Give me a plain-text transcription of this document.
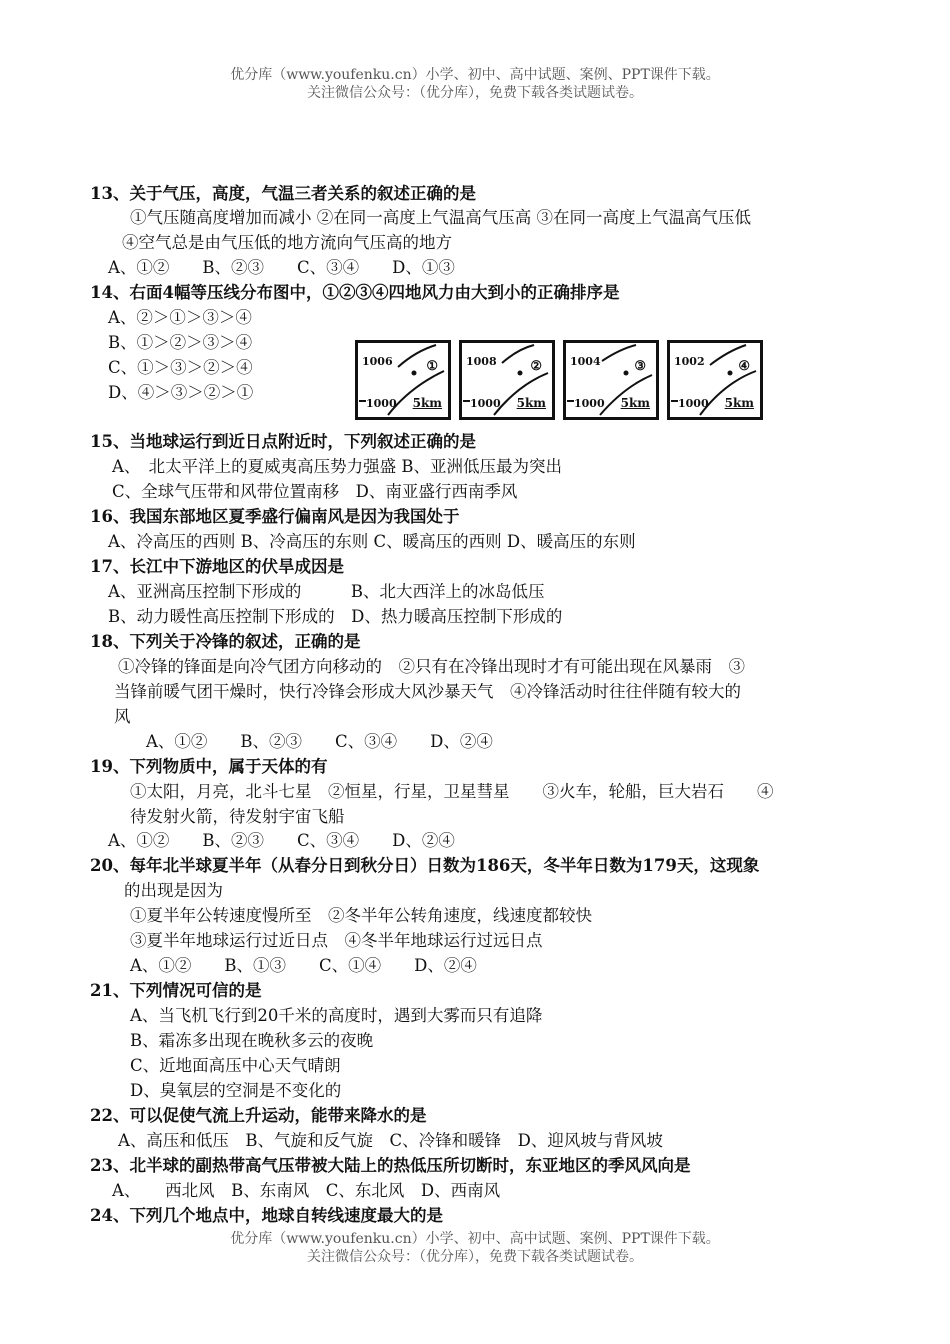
优分库（www.youfenku.cn）小学、初中、高中试题、案例、PPT课件下载。
关注微信公众号：（优分库），免费下载各类试题试卷。
13、关于气压，高度，气温三者关系的叙述正确的是
①气压随高度增加而减小 ②在同一高度上气温高气压高 ③在同一高度上气温高气压低
④空气总是由气压低的地方流向气压高的地方
A、①②　　B、②③　　C、③④　　D、①③
14、右面4幅等压线分布图中，①②③④四地风力由大到小的正确排序是
A、②＞①＞③＞④
B、①＞②＞③＞④
C、①＞③＞②＞④
D、④＞③＞②＞①
15、当地球运行到近日点附近时，下列叙述正确的是
A、　北太平洋上的夏威夷高压势力强盛 B、亚洲低压最为突出
C、全球气压带和风带位置南移　D、南亚盛行西南季风
16、我国东部地区夏季盛行偏南风是因为我国处于
A、冷高压的西则 B、冷高压的东则 C、暖高压的西则 D、暖高压的东则
17、长江中下游地区的伏旱成因是
A、亚洲高压控制下形成的　　　B、北大西洋上的冰岛低压
B、动力暖性高压控制下形成的　D、热力暖高压控制下形成的
18、下列关于冷锋的叙述，正确的是
①冷锋的锋面是向冷气团方向移动的　②只有在冷锋出现时才有可能出现在风暴雨　③
当锋前暖气团干燥时，快行冷锋会形成大风沙暴天气　④冷锋活动时往往伴随有较大的
风
A、①②　　B、②③　　C、③④　　D、②④
19、下列物质中，属于天体的有
①太阳，月亮，北斗七星　②恒星，行星，卫星彗星　　③火车，轮船，巨大岩石　　④
待发射火箭，待发射宇宙飞船
A、①②　　B、②③　　C、③④　　D、②④
20、每年北半球夏半年（从春分日到秋分日）日数为186天，冬半年日数为179天，这现象
的出现是因为
①夏半年公转速度慢所至　②冬半年公转角速度，线速度都较快
③夏半年地球运行过近日点　④冬半年地球运行过远日点
A、①②　　B、①③　　C、①④　　D、②④
21、下列情况可信的是
A、当飞机飞行到20千米的高度时，遇到大雾而只有追降
B、霜冻多出现在晚秋多云的夜晚
C、近地面高压中心天气晴朗
D、臭氧层的空洞是不变化的
22、可以促使气流上升运动，能带来降水的是
A、高压和低压　B、气旋和反气旋　C、冷锋和暖锋　D、迎风坡与背风坡
23、北半球的副热带高气压带被大陆上的热低压所切断时，东亚地区的季风风向是
A、　　西北风　B、东南风　C、东北风　D、西南风
24、下列几个地点中，地球自转线速度最大的是
1006
1000 5km
①	1008
1000 5km
②	1004
1000 5km
③	1002
1000 5km
④
优分库（www.youfenku.cn）小学、初中、高中试题、案例、PPT课件下载。
关注微信公众号：（优分库），免费下载各类试题试卷。
